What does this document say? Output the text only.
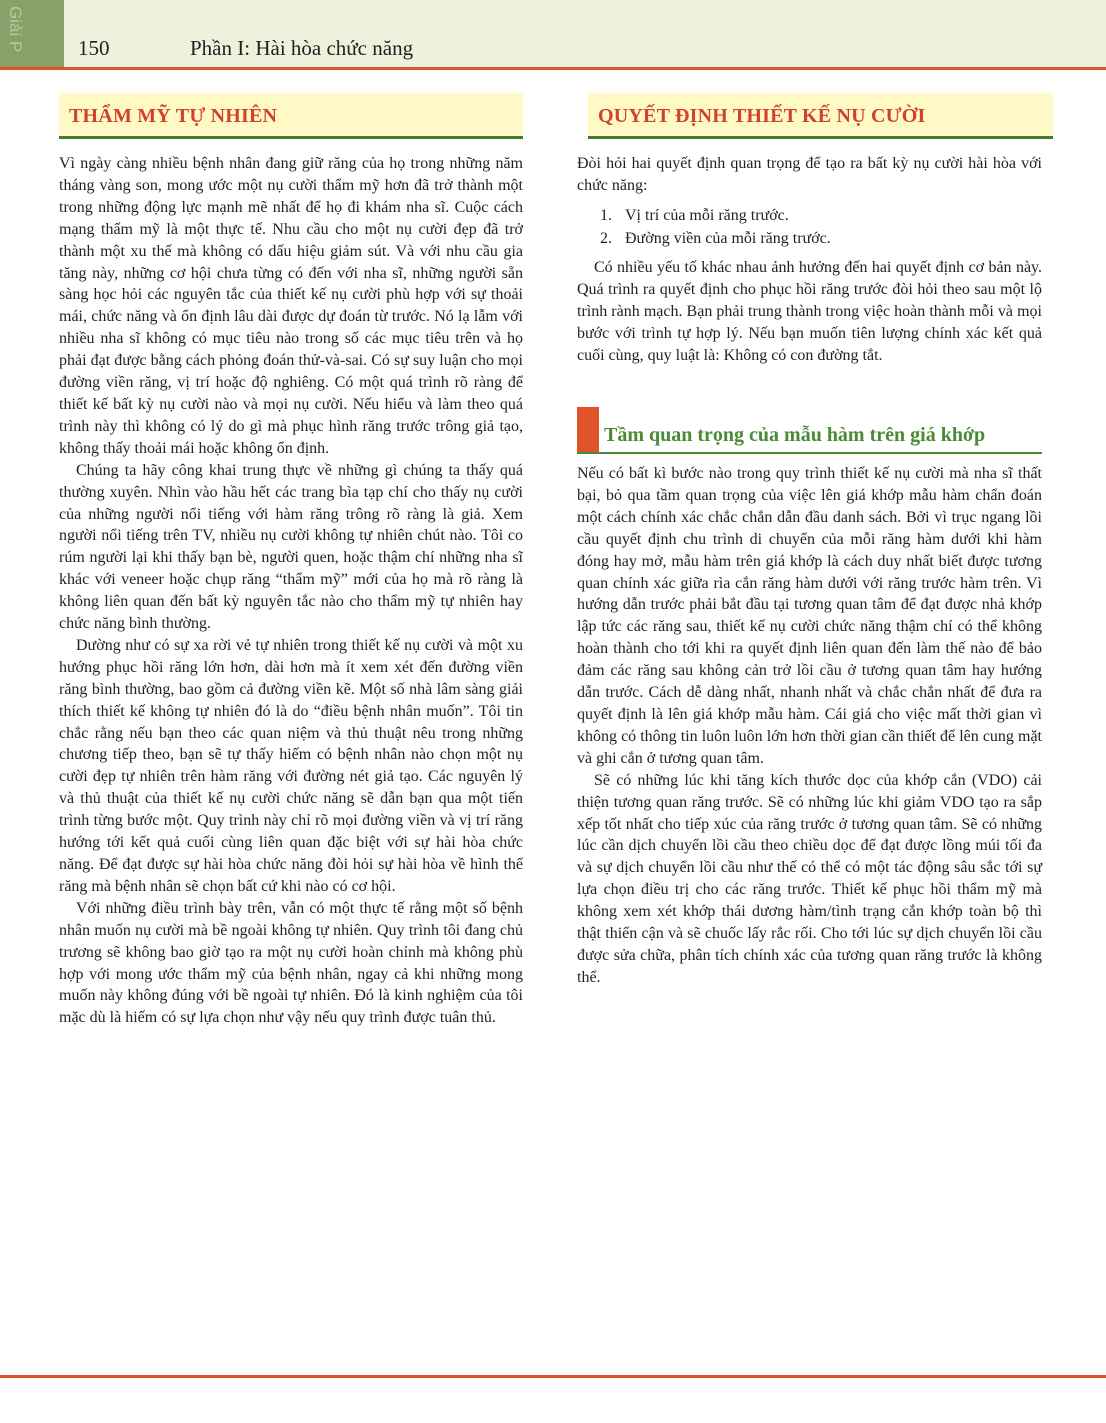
Giải P	150	Phần I: Hài hòa chức năng
THẨM MỸ TỰ NHIÊN

Vì ngày càng nhiều bệnh nhân đang giữ răng của họ trong những năm tháng vàng son, mong ước một nụ cười thẩm mỹ hơn đã trở thành một trong những động lực mạnh mẽ nhất để họ đi khám nha sĩ. Cuộc cách mạng thẩm mỹ là một thực tế. Nhu cầu cho một nụ cười đẹp đã trở thành một xu thế mà không có dấu hiệu giảm sút. Và với nhu cầu gia tăng này, những cơ hội chưa từng có đến với nha sĩ, những người sẵn sàng học hỏi các nguyên tắc của thiết kế nụ cười phù hợp với sự thoải mái, chức năng và ổn định lâu dài được dự đoán từ trước. Nó lạ lẫm với nhiều nha sĩ không có mục tiêu nào trong số các mục tiêu trên và họ phải đạt được bằng cách phỏng đoán thử-và-sai. Có sự suy luận cho mọi đường viền răng, vị trí hoặc độ nghiêng. Có một quá trình rõ ràng để thiết kế bất kỳ nụ cười nào và mọi nụ cười. Nếu hiểu và làm theo quá trình này thì không có lý do gì mà phục hình răng trước trông giả tạo, không thấy thoải mái hoặc không ổn định.

Chúng ta hãy công khai trung thực về những gì chúng ta thấy quá thường xuyên. Nhìn vào hầu hết các trang bìa tạp chí cho thấy nụ cười của những người nổi tiếng với hàm răng trông rõ ràng là giả. Xem người nổi tiếng trên TV, nhiều nụ cười không tự nhiên chút nào. Tôi co rúm người lại khi thấy bạn bè, người quen, hoặc thậm chí những nha sĩ khác với veneer hoặc chụp răng “thẩm mỹ” mới của họ mà rõ ràng là không liên quan đến bất kỳ nguyên tắc nào cho thẩm mỹ tự nhiên hay chức năng bình thường.

Dường như có sự xa rời vẻ tự nhiên trong thiết kế nụ cười và một xu hướng phục hồi răng lớn hơn, dài hơn mà ít xem xét đến đường viền răng bình thường, bao gồm cả đường viền kẽ. Một số nhà lâm sàng giải thích thiết kế không tự nhiên đó là do “điều bệnh nhân muốn”. Tôi tin chắc rằng nếu bạn theo các quan niệm và thủ thuật nêu trong những chương tiếp theo, bạn sẽ tự thấy hiếm có bệnh nhân nào chọn một nụ cười đẹp tự nhiên trên hàm răng với đường nét giả tạo. Các nguyên lý và thủ thuật của thiết kế nụ cười chức năng sẽ dẫn bạn qua một tiến trình từng bước một. Quy trình này chỉ rõ mọi đường viền và vị trí răng hướng tới kết quả cuối cùng liên quan đặc biệt với sự hài hòa chức năng. Để đạt được sự hài hòa chức năng đòi hỏi sự hài hòa về hình thể răng mà bệnh nhân sẽ chọn bất cứ khi nào có cơ hội.

Với những điều trình bày trên, vẫn có một thực tế rằng một số bệnh nhân muốn nụ cười mà bề ngoài không tự nhiên. Quy trình tôi đang chủ trương sẽ không bao giờ tạo ra một nụ cười hoàn chỉnh mà không phù hợp với mong ước thẩm mỹ của bệnh nhân, ngay cả khi những mong muốn này không đúng với bề ngoài tự nhiên. Đó là kinh nghiệm của tôi mặc dù là hiếm có sự lựa chọn như vậy nếu quy trình được tuân thủ.

QUYẾT ĐỊNH THIẾT KẾ NỤ CƯỜI

Đòi hỏi hai quyết định quan trọng để tạo ra bất kỳ nụ cười hài hòa với chức năng:

1. Vị trí của mỗi răng trước.
2. Đường viền của mỗi răng trước.

Có nhiều yếu tố khác nhau ảnh hưởng đến hai quyết định cơ bản này. Quá trình ra quyết định cho phục hồi răng trước đòi hỏi theo sau một lộ trình rành mạch. Bạn phải trung thành trong việc hoàn thành mỗi và mọi bước với trình tự hợp lý. Nếu bạn muốn tiên lượng chính xác kết quả cuối cùng, quy luật là: Không có con đường tắt.

Tầm quan trọng của mẫu hàm trên giá khớp

Nếu có bất kì bước nào trong quy trình thiết kế nụ cười mà nha sĩ thất bại, bỏ qua tầm quan trọng của việc lên giá khớp mẫu hàm chẩn đoán một cách chính xác chắc chắn dẫn đầu danh sách. Bởi vì trục ngang lồi cầu quyết định chu trình di chuyển của mỗi răng hàm dưới khi hàm đóng hay mở, mẫu hàm trên giá khớp là cách duy nhất biết được tương quan chính xác giữa rìa cắn răng hàm dưới với răng trước hàm trên. Vì hướng dẫn trước phải bắt đầu tại tương quan tâm để đạt được nhả khớp lập tức các răng sau, thiết kế nụ cười chức năng thậm chí có thể không hoàn thành cho tới khi ra quyết định liên quan đến làm thế nào để bảo đảm các răng sau không cản trở lồi cầu ở tương quan tâm hay hướng dẫn trước. Cách dễ dàng nhất, nhanh nhất và chắc chắn nhất để đưa ra quyết định là lên giá khớp mẫu hàm. Cái giá cho việc mất thời gian vì không có thông tin luôn luôn lớn hơn thời gian cần thiết để lên cung mặt và ghi cắn ở tương quan tâm.

Sẽ có những lúc khi tăng kích thước dọc của khớp cắn (VDO) cải thiện tương quan răng trước. Sẽ có những lúc khi giảm VDO tạo ra sắp xếp tốt nhất cho tiếp xúc của răng trước ở tương quan tâm. Sẽ có những lúc cần dịch chuyển lồi cầu theo chiều dọc để đạt được lồng múi tối đa và sự dịch chuyển lồi cầu như thế có thể có một tác động sâu sắc tới sự lựa chọn điều trị cho các răng trước. Thiết kế phục hồi thẩm mỹ mà không xem xét khớp thái dương hàm/tình trạng cắn khớp toàn bộ thì thật thiển cận và sẽ chuốc lấy rắc rối. Cho tới lúc sự dịch chuyển lồi cầu được sửa chữa, phân tích chính xác của tương quan răng trước là không thể.
